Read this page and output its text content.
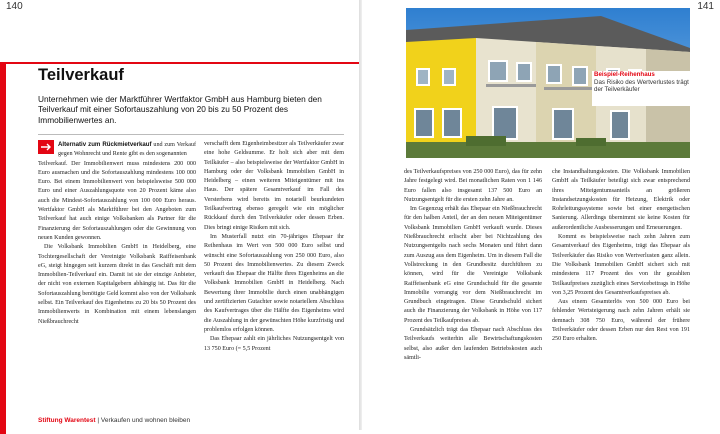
140
Teilverkauf
Unternehmen wie der Marktführer Wertfaktor GmbH aus Hamburg bieten den Teilverkauf mit einer Sofortauszahlung von 20 bis zu 50 Prozent des Immobilienwertes an.

Alternativ zum Rückmietverkauf und zum Verkauf gegen Wohnrecht und Rente gibt es den sogenannten

Teilverkauf. Der Immobilienwert muss mindestens 200 000 Euro ausmachen und die Sofortauszahlung mindestens 100 000 Euro. Bei einem Immobilienwert von beispielsweise 500 000 Euro und einer Auszahlungsquote von 20 Prozent käme also auch die Mindest-Sofortauszahlung von 100 000 Euro heraus. Wertfaktor GmbH als Marktführer bei den Angeboten zum Teilverkauf hat auch einige Volksbanken als Partner für die Finanzierung der Sofortauszahlungen oder die Gewinnung von neuen Kunden gewonnen.

Die Volksbank Immobilien GmbH in Heidelberg, eine Tochtergesellschaft der Vereinigte Volksbank Raiffeisenbank eG, steigt hingegen seit kurzem direkt in das Geschäft mit dem Immobilien-Teilverkauf ein. Damit ist sie der einzige Anbieter, der nicht von externen Kapitalgebern abhängig ist. Das für die Sofortauszahlung benötigte Geld kommt also von der Volksbank selbst. Ein Teilverkauf des Eigenheims zu 20 bis 50 Prozent des Immobilienwerts in Kombination mit einem lebenslangen Nießbrauchrecht

verschafft dem Eigenheimbesitzer als Teilverkäufer zwar eine hohe Geldsumme. Er holt sich aber mit dem Teilkäufer – also beispielsweise der Wertfaktor GmbH in Hamburg oder der Volksbank Immobilien GmbH in Heidelberg – einen weiteren Miteigentümer mit ins Haus. Der spätere Gesamtverkauf im Fall des Versterbens wird bereits im notariell beurkundeten Teilkaufvertrag ebenso geregelt wie ein möglicher Rückkauf durch den Teilverkäufer oder dessen Erben. Dies bringt einige Risiken mit sich.

Im Musterfall nutzt ein 70-jähriges Ehepaar ihr Reihenhaus im Wert von 500 000 Euro selbst und wünscht eine Sofortauszahlung von 250 000 Euro, also 50 Prozent des Immobilienwertes. Zu diesem Zweck verkauft das Ehepaar die Hälfte ihres Eigenheims an die Volksbank Immobilien GmbH in Heidelberg. Nach Bewertung ihrer Immobilie durch einen unabhängigen und zertifizierten Gutachter sowie notariellem Abschluss des Kaufvertrages über die Hälfte des Eigenheims wird die Auszahlung in der gewünschten Höhe kurzfristig und problemlos erfolgen können.

Das Ehepaar zahlt ein jährliches Nutzungsentgelt von 13 750 Euro (= 5,5 Prozent

Stiftung Warentest | Verkaufen und wohnen bleiben
141
Beispiel-Reihenhaus
Das Risiko des Wertverlustes trägt der Teilverkäufer

des Teilverkaufspreises von 250 000 Euro), das für zehn Jahre festgelegt wird. Bei monatlichen Raten von 1 146 Euro fallen also insgesamt 137 500 Euro an Nutzungsentgelt für die ersten zehn Jahre an.

Im Gegenzug erhält das Ehepaar ein Nießbrauchrecht für den halben Anteil, der an den neuen Miteigentümer Volksbank Immobilien GmbH verkauft wurde. Dieses Nießbrauchrecht erlischt aber bei Nichtzahlung des Nutzungsentgelts nach sechs Monaten und führt dann zum Auszug aus dem Eigenheim. Um in diesem Fall die Vollstreckung in den Grundbesitz durchführen zu können, wird für die Vereinigte Volksbank Raiffeisenbank eG eine Grundschuld für die gesamte Immobilie vorrangig vor dem Nießbrauchrecht im Grundbuch eingetragen. Diese Grundschuld sichert auch die Finanzierung der Volksbank in Höhe von 117 Prozent des Teilkaufpreises ab.

Grundsätzlich trägt das Ehepaar nach Abschluss des Teilverkaufs weiterhin alle Bewirtschaftungskosten selbst, also außer den laufenden Betriebskosten auch sämtli-

che Instandhaltungskosten. Die Volksbank Immobilien GmbH als Teilkäufer beteiligt sich zwar entsprechend ihres Miteigentumsanteils an größeren Instandsetzungskosten für Heizung, Elektrik oder Rohrleitungssysteme sowie bei einer energetischen Sanierung. Allerdings übernimmt sie keine Kosten für außerordentliche Ausbesserungen und Erneuerungen.

Kommt es beispielsweise nach zehn Jahren zum Gesamtverkauf des Eigenheims, trägt das Ehepaar als Teilverkäufer das Risiko von Wertverlusten ganz allein. Die Volksbank Immobilien GmbH sichert sich mit mindestens 117 Prozent des von ihr gezahlten Teilkaufpreises zuzüglich eines Servicebeitrags in Höhe von 3,25 Prozent des Gesamtverkaufspreises ab.

Aus einem Gesamterlös von 500 000 Euro bei fehlender Wertsteigerung nach zehn Jahren erhält sie demnach 308 750 Euro, während der frühere Teilverkäufer oder dessen Erben nur den Rest von 191 250 Euro erhalten.
